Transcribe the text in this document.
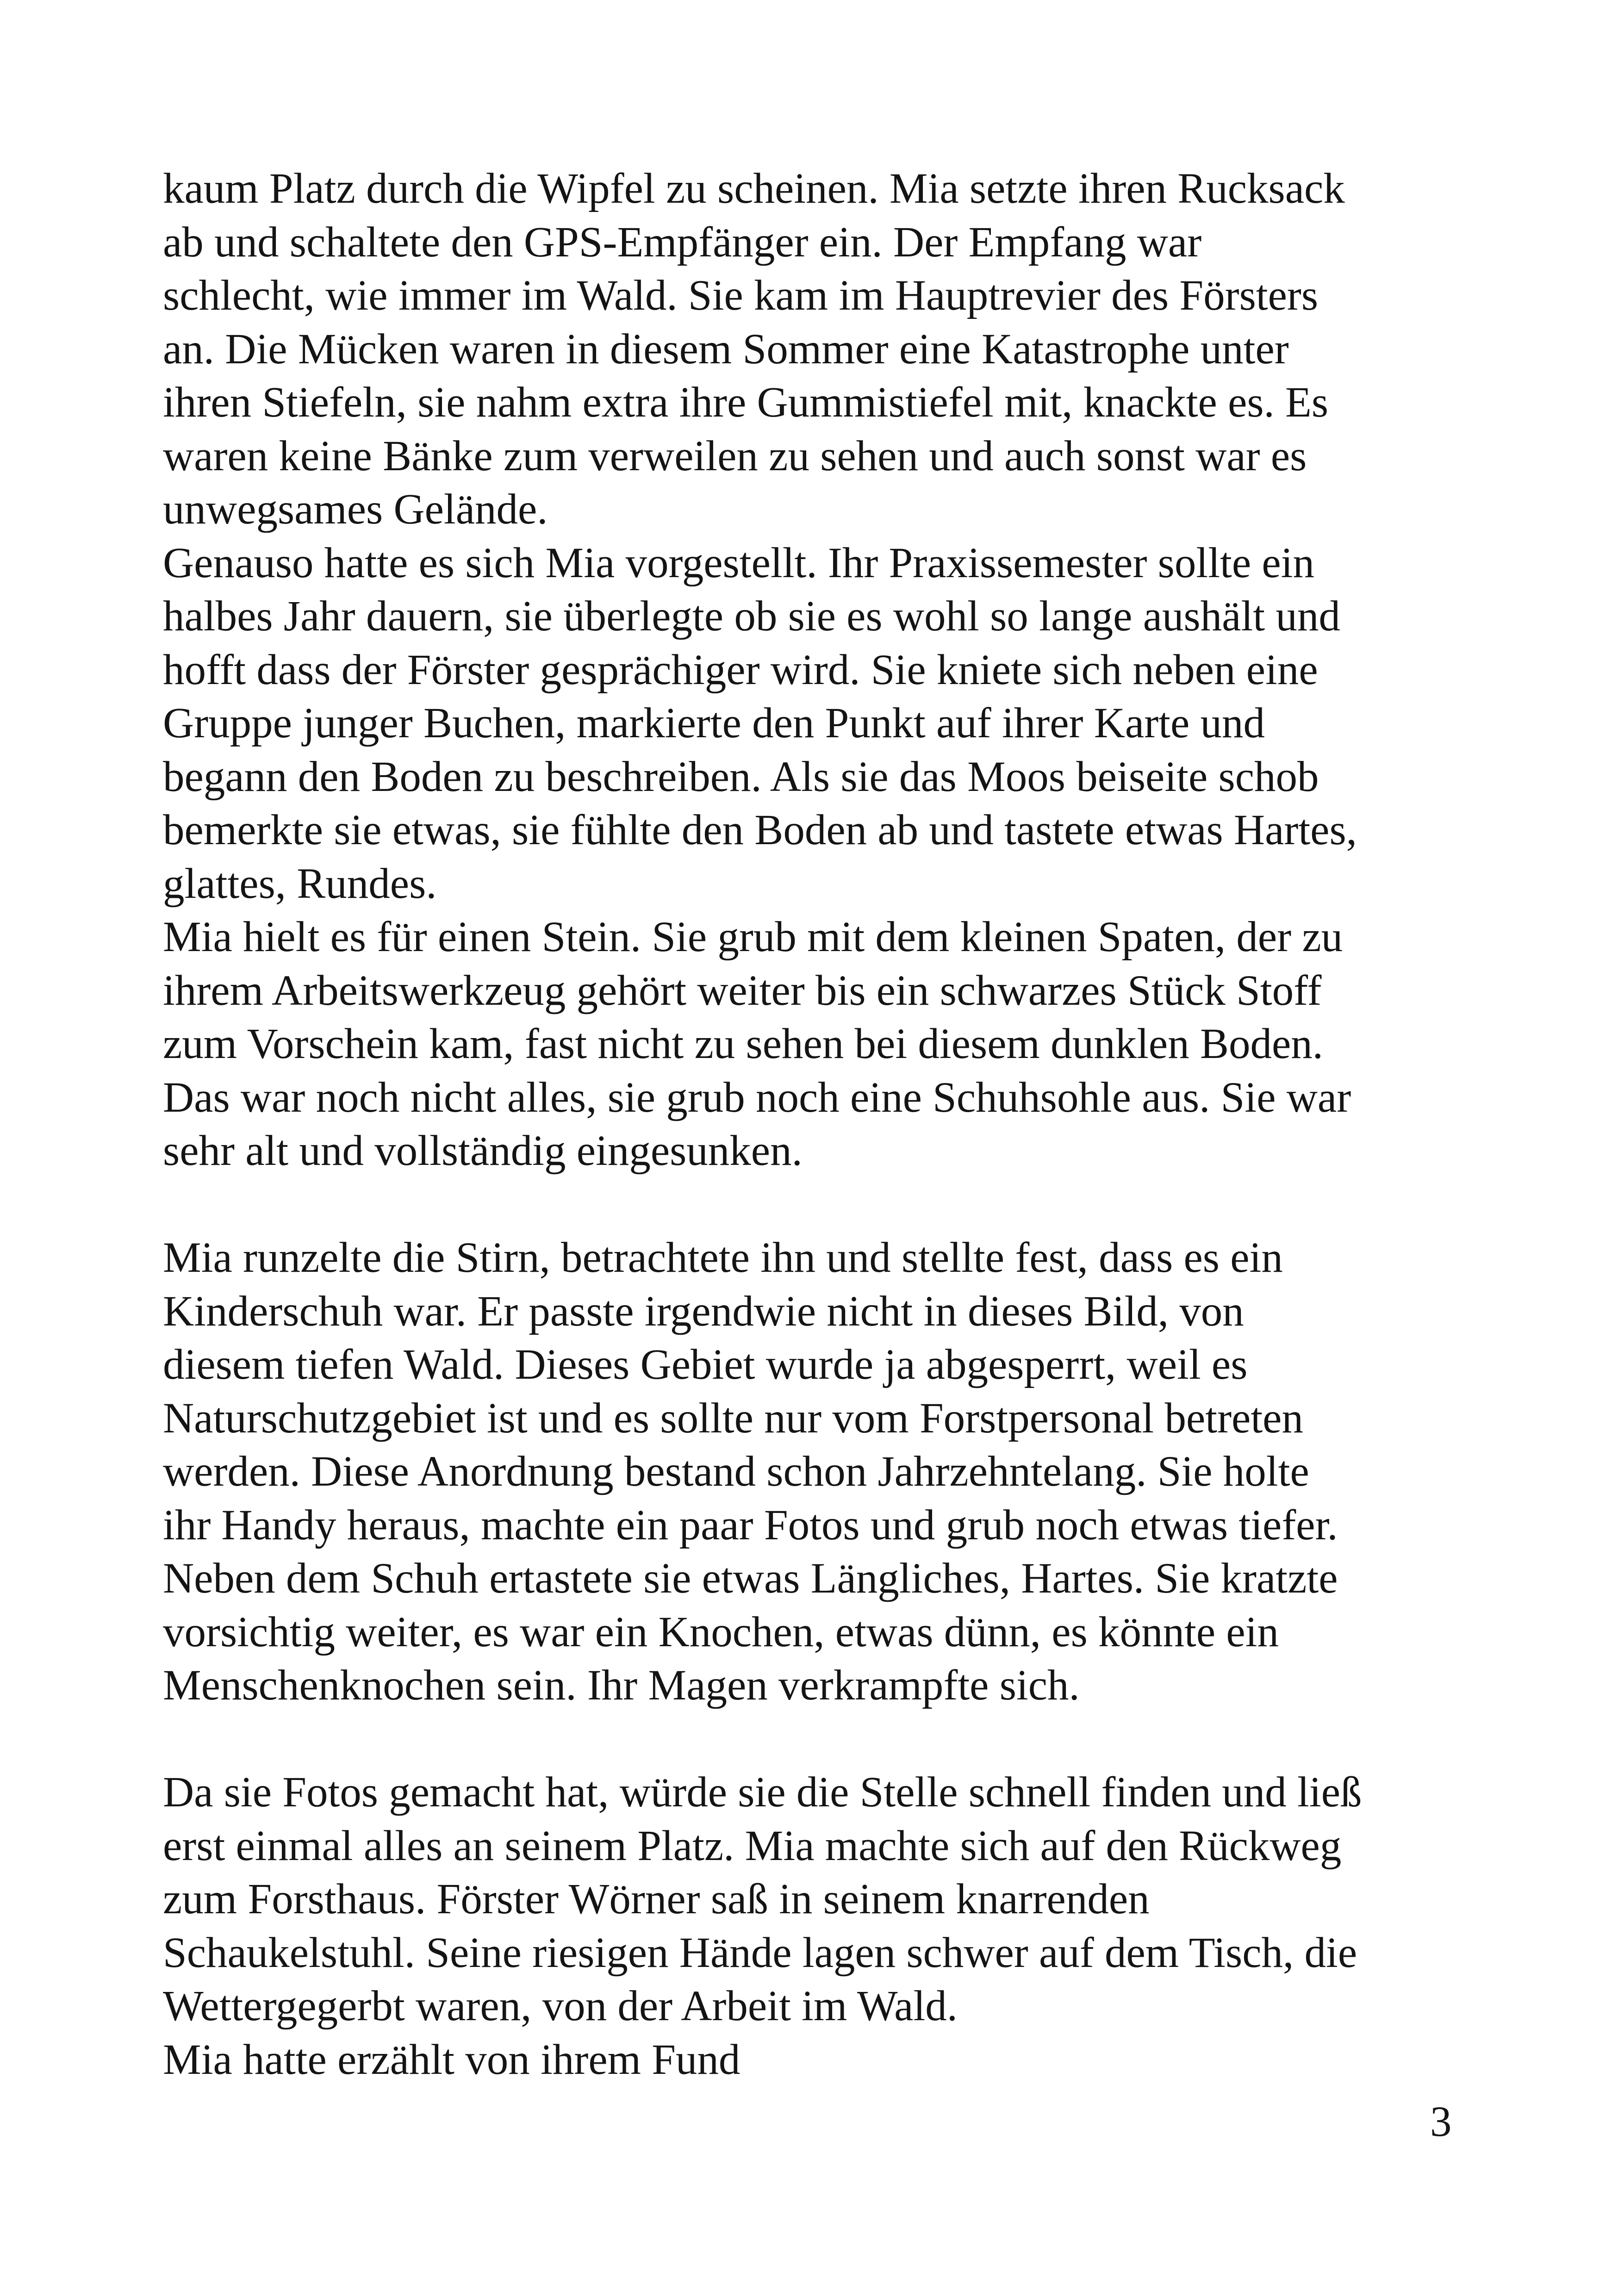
kaum Platz durch die Wipfel zu scheinen. Mia setzte ihren Rucksack
ab und schaltete den GPS-Empfänger ein. Der Empfang war
schlecht, wie immer im Wald. Sie kam im Hauptrevier des Försters
an. Die Mücken waren in diesem Sommer eine Katastrophe unter
ihren Stiefeln, sie nahm extra ihre Gummistiefel mit, knackte es. Es
waren keine Bänke zum verweilen zu sehen und auch sonst war es
unwegsames Gelände.
Genauso hatte es sich Mia vorgestellt. Ihr Praxissemester sollte ein
halbes Jahr dauern, sie überlegte ob sie es wohl so lange aushält und
hofft dass der Förster gesprächiger wird. Sie kniete sich neben eine
Gruppe junger Buchen, markierte den Punkt auf ihrer Karte und
begann den Boden zu beschreiben. Als sie das Moos beiseite schob
bemerkte sie etwas, sie fühlte den Boden ab und tastete etwas Hartes,
glattes, Rundes.
Mia hielt es für einen Stein. Sie grub mit dem kleinen Spaten, der zu
ihrem Arbeitswerkzeug gehört weiter bis ein schwarzes Stück Stoff
zum Vorschein kam, fast nicht zu sehen bei diesem dunklen Boden.
Das war noch nicht alles, sie grub noch eine Schuhsohle aus. Sie war
sehr alt und vollständig eingesunken.
Mia runzelte die Stirn, betrachtete ihn und stellte fest, dass es ein
Kinderschuh war. Er passte irgendwie nicht in dieses Bild, von
diesem tiefen Wald. Dieses Gebiet wurde ja abgesperrt, weil es
Naturschutzgebiet ist und es sollte nur vom Forstpersonal betreten
werden. Diese Anordnung bestand schon Jahrzehntelang. Sie holte
ihr Handy heraus, machte ein paar Fotos und grub noch etwas tiefer.
Neben dem Schuh ertastete sie etwas Längliches, Hartes. Sie kratzte
vorsichtig weiter, es war ein Knochen, etwas dünn, es könnte ein
Menschenknochen sein. Ihr Magen verkrampfte sich.
Da sie Fotos gemacht hat, würde sie die Stelle schnell finden und ließ
erst einmal alles an seinem Platz. Mia machte sich auf den Rückweg
zum Forsthaus. Förster Wörner saß in seinem knarrenden
Schaukelstuhl. Seine riesigen Hände lagen schwer auf dem Tisch, die
Wettergegerbt waren, von der Arbeit im Wald.
Mia hatte erzählt von ihrem Fund
3
